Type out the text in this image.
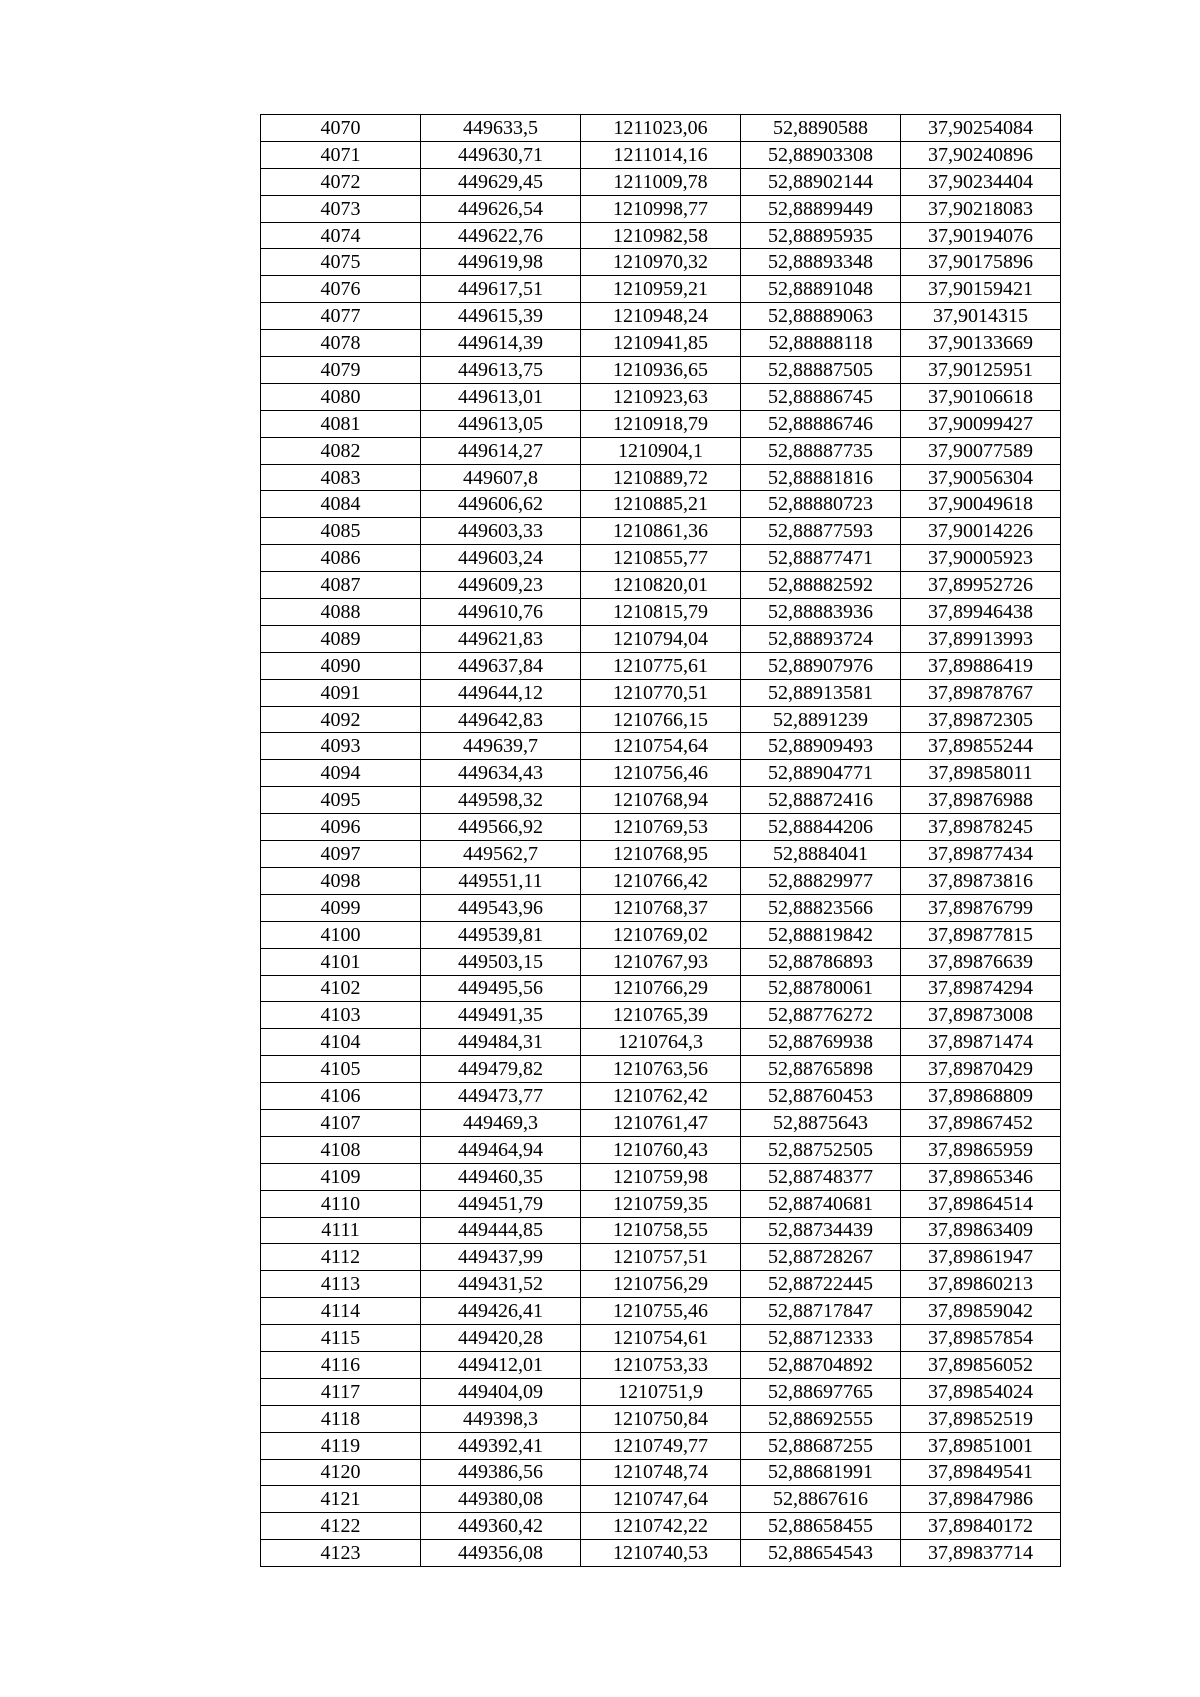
4070	449633,5	1211023,06	52,8890588	37,90254084
4071	449630,71	1211014,16	52,88903308	37,90240896
4072	449629,45	1211009,78	52,88902144	37,90234404
4073	449626,54	1210998,77	52,88899449	37,90218083
4074	449622,76	1210982,58	52,88895935	37,90194076
4075	449619,98	1210970,32	52,88893348	37,90175896
4076	449617,51	1210959,21	52,88891048	37,90159421
4077	449615,39	1210948,24	52,88889063	37,9014315
4078	449614,39	1210941,85	52,88888118	37,90133669
4079	449613,75	1210936,65	52,88887505	37,90125951
4080	449613,01	1210923,63	52,88886745	37,90106618
4081	449613,05	1210918,79	52,88886746	37,90099427
4082	449614,27	1210904,1	52,88887735	37,90077589
4083	449607,8	1210889,72	52,88881816	37,90056304
4084	449606,62	1210885,21	52,88880723	37,90049618
4085	449603,33	1210861,36	52,88877593	37,90014226
4086	449603,24	1210855,77	52,88877471	37,90005923
4087	449609,23	1210820,01	52,88882592	37,89952726
4088	449610,76	1210815,79	52,88883936	37,89946438
4089	449621,83	1210794,04	52,88893724	37,89913993
4090	449637,84	1210775,61	52,88907976	37,89886419
4091	449644,12	1210770,51	52,88913581	37,89878767
4092	449642,83	1210766,15	52,8891239	37,89872305
4093	449639,7	1210754,64	52,88909493	37,89855244
4094	449634,43	1210756,46	52,88904771	37,89858011
4095	449598,32	1210768,94	52,88872416	37,89876988
4096	449566,92	1210769,53	52,88844206	37,89878245
4097	449562,7	1210768,95	52,8884041	37,89877434
4098	449551,11	1210766,42	52,88829977	37,89873816
4099	449543,96	1210768,37	52,88823566	37,89876799
4100	449539,81	1210769,02	52,88819842	37,89877815
4101	449503,15	1210767,93	52,88786893	37,89876639
4102	449495,56	1210766,29	52,88780061	37,89874294
4103	449491,35	1210765,39	52,88776272	37,89873008
4104	449484,31	1210764,3	52,88769938	37,89871474
4105	449479,82	1210763,56	52,88765898	37,89870429
4106	449473,77	1210762,42	52,88760453	37,89868809
4107	449469,3	1210761,47	52,8875643	37,89867452
4108	449464,94	1210760,43	52,88752505	37,89865959
4109	449460,35	1210759,98	52,88748377	37,89865346
4110	449451,79	1210759,35	52,88740681	37,89864514
4111	449444,85	1210758,55	52,88734439	37,89863409
4112	449437,99	1210757,51	52,88728267	37,89861947
4113	449431,52	1210756,29	52,88722445	37,89860213
4114	449426,41	1210755,46	52,88717847	37,89859042
4115	449420,28	1210754,61	52,88712333	37,89857854
4116	449412,01	1210753,33	52,88704892	37,89856052
4117	449404,09	1210751,9	52,88697765	37,89854024
4118	449398,3	1210750,84	52,88692555	37,89852519
4119	449392,41	1210749,77	52,88687255	37,89851001
4120	449386,56	1210748,74	52,88681991	37,89849541
4121	449380,08	1210747,64	52,8867616	37,89847986
4122	449360,42	1210742,22	52,88658455	37,89840172
4123	449356,08	1210740,53	52,88654543	37,89837714
